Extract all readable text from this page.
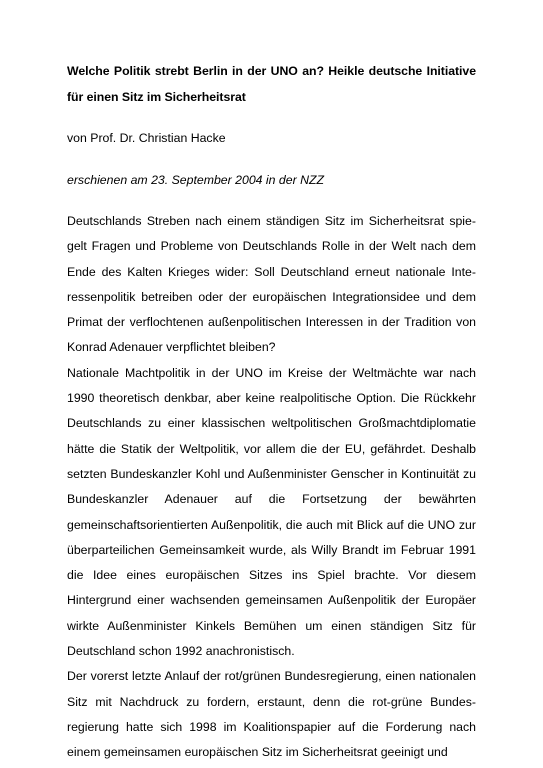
Welche Politik strebt Berlin in der UNO an? Heikle deutsche Initiative für einen Sitz im Sicherheitsrat

von Prof. Dr. Christian Hacke
erschienen am 23. September 2004 in der NZZ

Deutschlands Streben nach einem ständigen Sitz im Sicherheitsrat spiegelt Fragen und Probleme von Deutschlands Rolle in der Welt nach dem Ende des Kalten Krieges wider: Soll Deutschland erneut nationale Interessenpolitik betreiben oder der europäischen Integrationsidee und dem Primat der verflochtenen außenpolitischen Interessen in der Tradition von Konrad Adenauer verpflichtet bleiben?

Nationale Machtpolitik in der UNO im Kreise der Weltmächte war nach 1990 theoretisch denkbar, aber keine realpolitische Option. Die Rückkehr Deutschlands zu einer klassischen weltpolitischen Großmachtdiplomatie hätte die Statik der Weltpolitik, vor allem die der EU, gefährdet. Deshalb setzten Bundeskanzler Kohl und Außenminister Genscher in Kontinuität zu Bundeskanzler Adenauer auf die Fortsetzung der bewährten gemeinschaftsorientierten Außenpolitik, die auch mit Blick auf die UNO zur überparteilichen Gemeinsamkeit wurde, als Willy Brandt im Februar 1991 die Idee eines europäischen Sitzes ins Spiel brachte. Vor diesem Hintergrund einer wachsenden gemeinsamen Außenpolitik der Europäer wirkte Außenminister Kinkels Bemühen um einen ständigen Sitz für Deutschland schon 1992 anachronistisch.

Der vorerst letzte Anlauf der rot/grünen Bundesregierung, einen nationalen Sitz mit Nachdruck zu fordern, erstaunt, denn die rot-grüne Bundesregierung hatte sich 1998 im Koalitionspapier auf die Forderung nach einem gemeinsamen europäischen Sitz im Sicherheitsrat geeinigt und
